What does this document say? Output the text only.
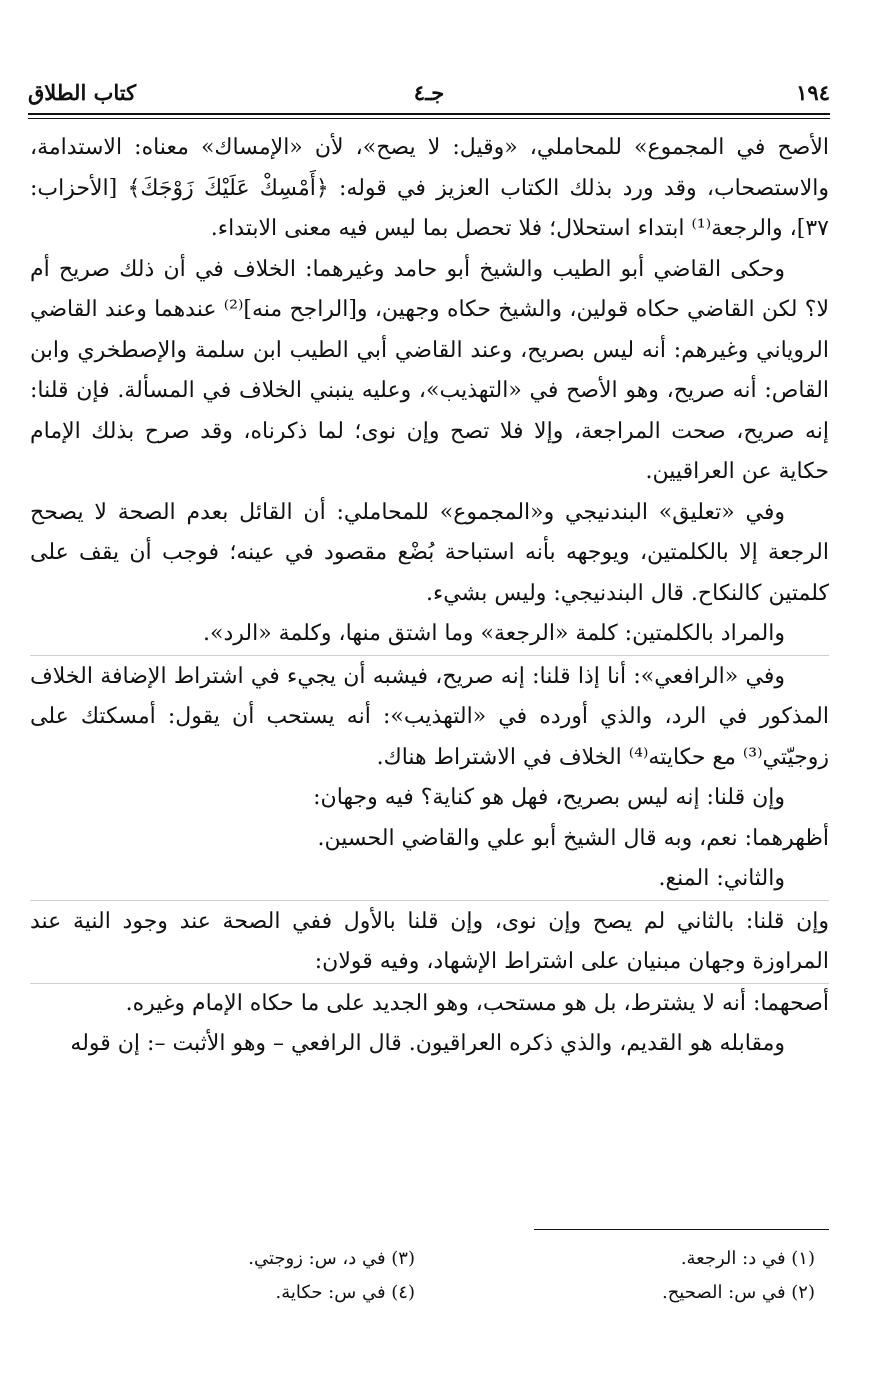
١٩٤
جـ٤
كتاب الطلاق

الأصح في المجموع» للمحاملي، «وقيل: لا يصح»، لأن «الإمساك» معناه: الاستدامة، والاستصحاب، وقد ورد بذلك الكتاب العزيز في قوله: ﴿أَمْسِكْ عَلَيْكَ زَوْجَكَ﴾ [الأحزاب: ٣٧]، والرجعة⁽¹⁾ ابتداء استحلال؛ فلا تحصل بما ليس فيه معنى الابتداء.

وحكى القاضي أبو الطيب والشيخ أبو حامد وغيرهما: الخلاف في أن ذلك صريح أم لا؟ لكن القاضي حكاه قولين، والشيخ حكاه وجهين، و[الراجح منه]⁽²⁾ عندهما وعند القاضي الروياني وغيرهم: أنه ليس بصريح، وعند القاضي أبي الطيب ابن سلمة والإصطخري وابن القاص: أنه صريح، وهو الأصح في «التهذيب»، وعليه ينبني الخلاف في المسألة. فإن قلنا: إنه صريح، صحت المراجعة، وإلا فلا تصح وإن نوى؛ لما ذكرناه، وقد صرح بذلك الإمام حكاية عن العراقيين.

وفي «تعليق» البندنيجي و«المجموع» للمحاملي: أن القائل بعدم الصحة لا يصحح الرجعة إلا بالكلمتين، ويوجهه بأنه استباحة بُضْع مقصود في عينه؛ فوجب أن يقف على كلمتين كالنكاح. قال البندنيجي: وليس بشيء.

والمراد بالكلمتين: كلمة «الرجعة» وما اشتق منها، وكلمة «الرد».

وفي «الرافعي»: أنا إذا قلنا: إنه صريح، فيشبه أن يجيء في اشتراط الإضافة الخلاف المذكور في الرد، والذي أورده في «التهذيب»: أنه يستحب أن يقول: أمسكتك على زوجيّتي⁽³⁾ مع حكايته⁽⁴⁾ الخلاف في الاشتراط هناك.

وإن قلنا: إنه ليس بصريح، فهل هو كناية؟ فيه وجهان:

أظهرهما: نعم، وبه قال الشيخ أبو علي والقاضي الحسين.

والثاني: المنع.

وإن قلنا: بالثاني لم يصح وإن نوى، وإن قلنا بالأول ففي الصحة عند وجود النية عند المراوزة وجهان مبنيان على اشتراط الإشهاد، وفيه قولان:

أصحهما: أنه لا يشترط، بل هو مستحب، وهو الجديد على ما حكاه الإمام وغيره.

ومقابله هو القديم، والذي ذكره العراقيون. قال الرافعي – وهو الأثبت –: إن قوله

(١) في د: الرجعة.
(٢) في س: الصحيح.
(٣) في د، س: زوجتي.
(٤) في س: حكاية.
